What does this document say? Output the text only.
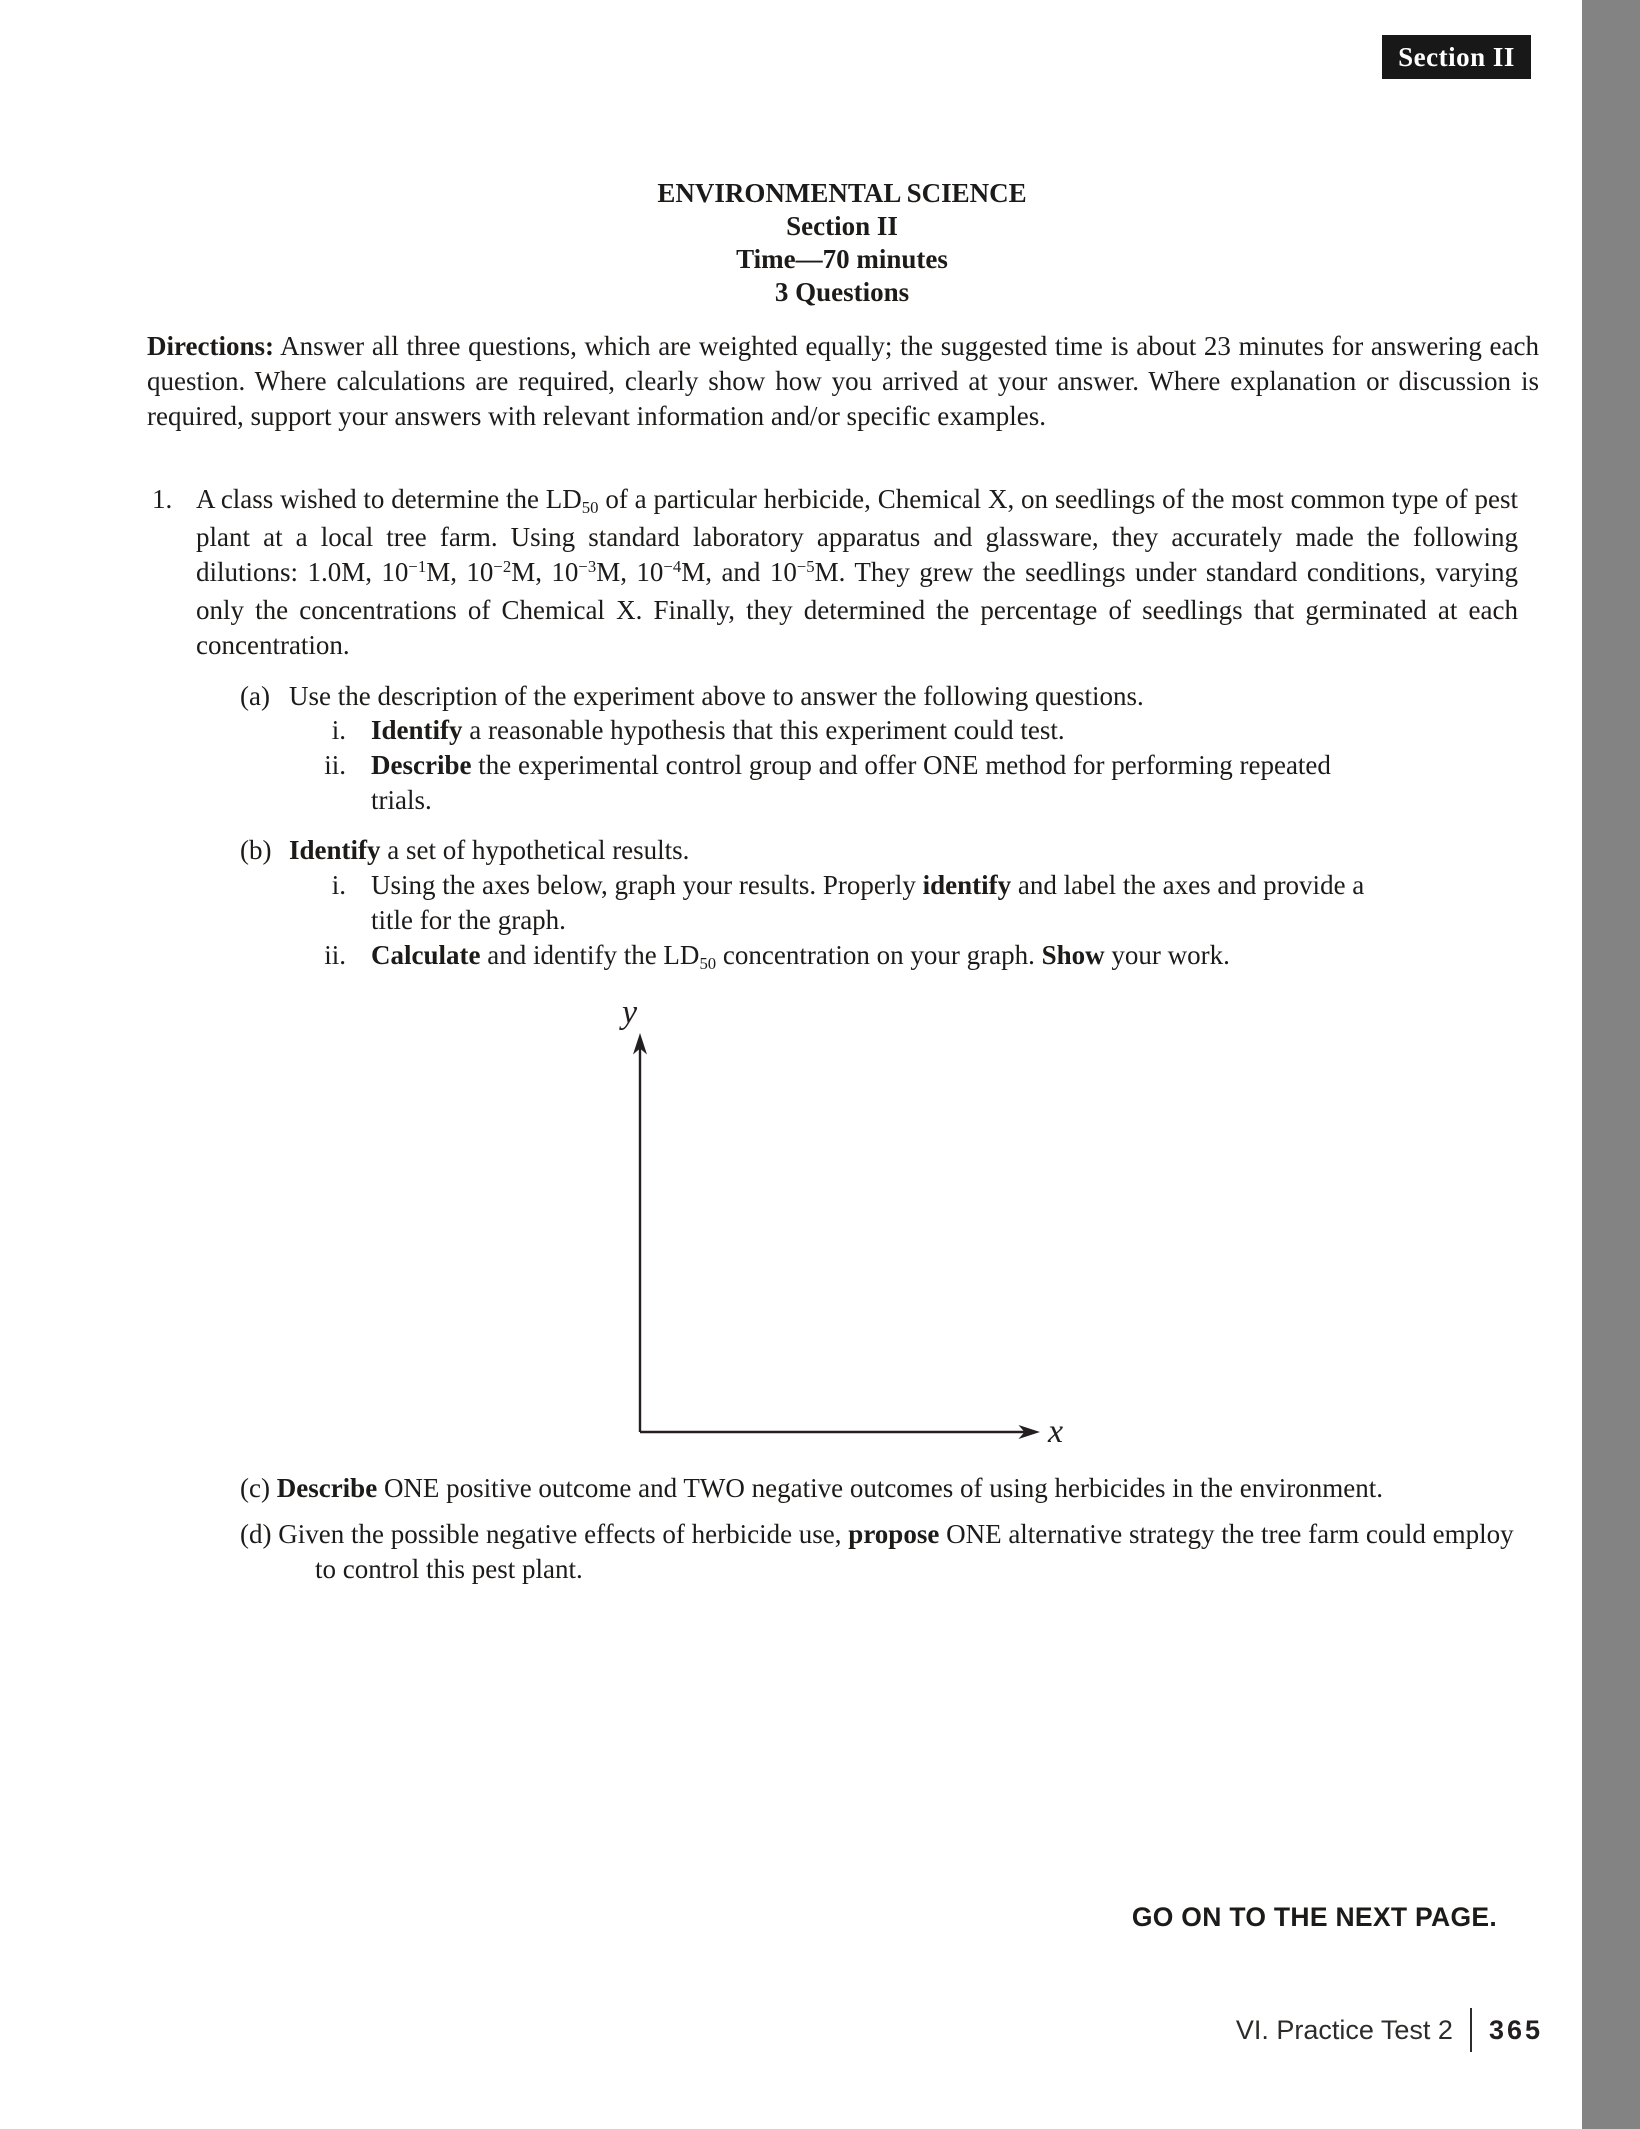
Section II
ENVIRONMENTAL SCIENCE
Section II
Time—70 minutes
3 Questions

Directions: Answer all three questions, which are weighted equally; the suggested time is about 23 minutes for answering each question. Where calculations are required, clearly show how you arrived at your answer. Where explanation or discussion is required, support your answers with relevant information and/or specific examples.

1. A class wished to determine the LD50 of a particular herbicide, Chemical X, on seedlings of the most common type of pest plant at a local tree farm. Using standard laboratory apparatus and glassware, they accurately made the following dilutions: 1.0M, $10^{-1}M$, $10^{-2}M$, $10^{-3}M$, $10^{-4}M$, and $10^{-5}M$. They grew the seedlings under standard conditions, varying only the concentrations of Chemical X. Finally, they determined the percentage of seedlings that germinated at each concentration.
(a) Use the description of the experiment above to answer the following questions.
i. Identify a reasonable hypothesis that this experiment could test.
ii. Describe the experimental control group and offer ONE method for performing repeated trials.
(b) Identify a set of hypothetical results.
i. Using the axes below, graph your results. Properly identify and label the axes and provide a title for the graph.
ii. Calculate and identify the LD50 concentration on your graph. Show your work.
y
x

(c) Describe ONE positive outcome and TWO negative outcomes of using herbicides in the environment.

(d) Given the possible negative effects of herbicide use, propose ONE alternative strategy the tree farm could employ to control this pest plant.

GO ON TO THE NEXT PAGE.
VI. Practice Test 2 365
